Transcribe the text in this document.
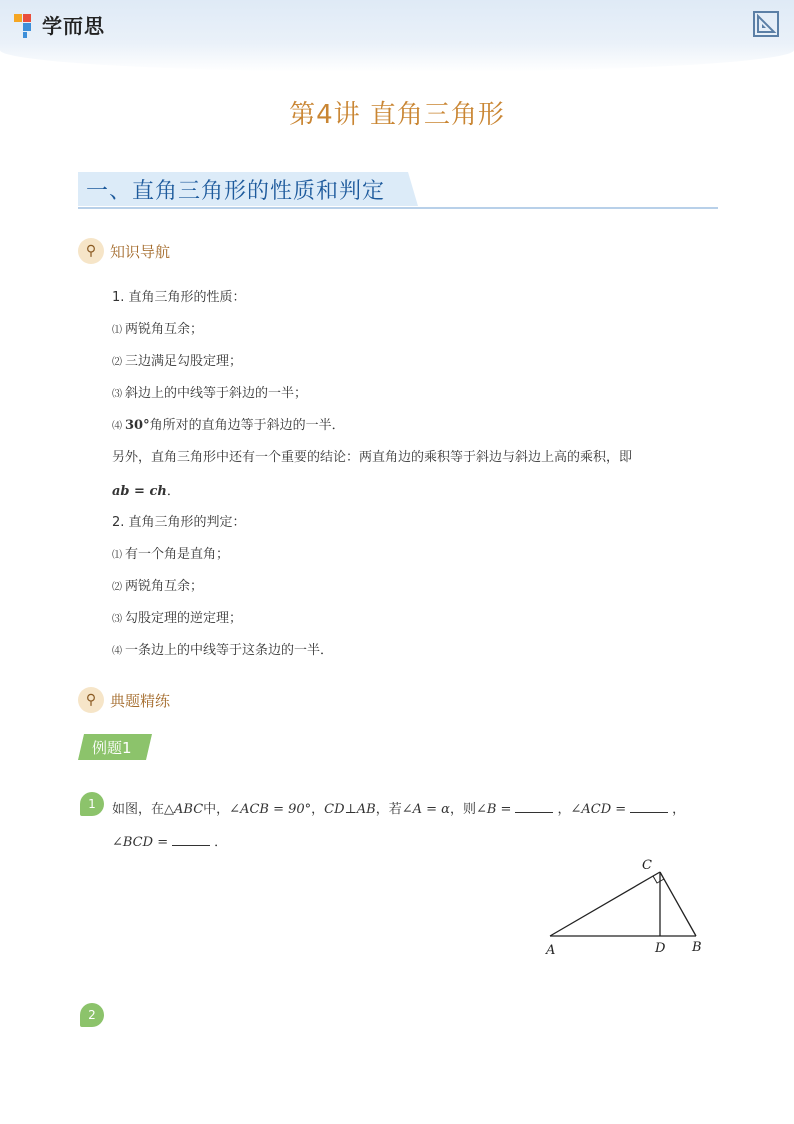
学而思
第4讲 直角三角形
一、直角三角形的性质和判定
⚲ 知识导航
1. 直角三角形的性质：
⑴ 两锐角互余；
⑵ 三边满足勾股定理；
⑶ 斜边上的中线等于斜边的一半；
⑷ 30°角所对的直角边等于斜边的一半．
另外，直角三角形中还有一个重要的结论：两直角边的乘积等于斜边与斜边上高的乘积，即
ab = ch．
2. 直角三角形的判定：
⑴ 有一个角是直角；
⑵ 两锐角互余；
⑶ 勾股定理的逆定理；
⑷ 一条边上的中线等于这条边的一半．
⚲ 典题精练
例题1
1	如图，在△ABC中，∠ACB = 90°，CD⊥AB，若∠A = α，则∠B =	，∠ACD =	，
∠BCD =	．
A	D B
C
2
